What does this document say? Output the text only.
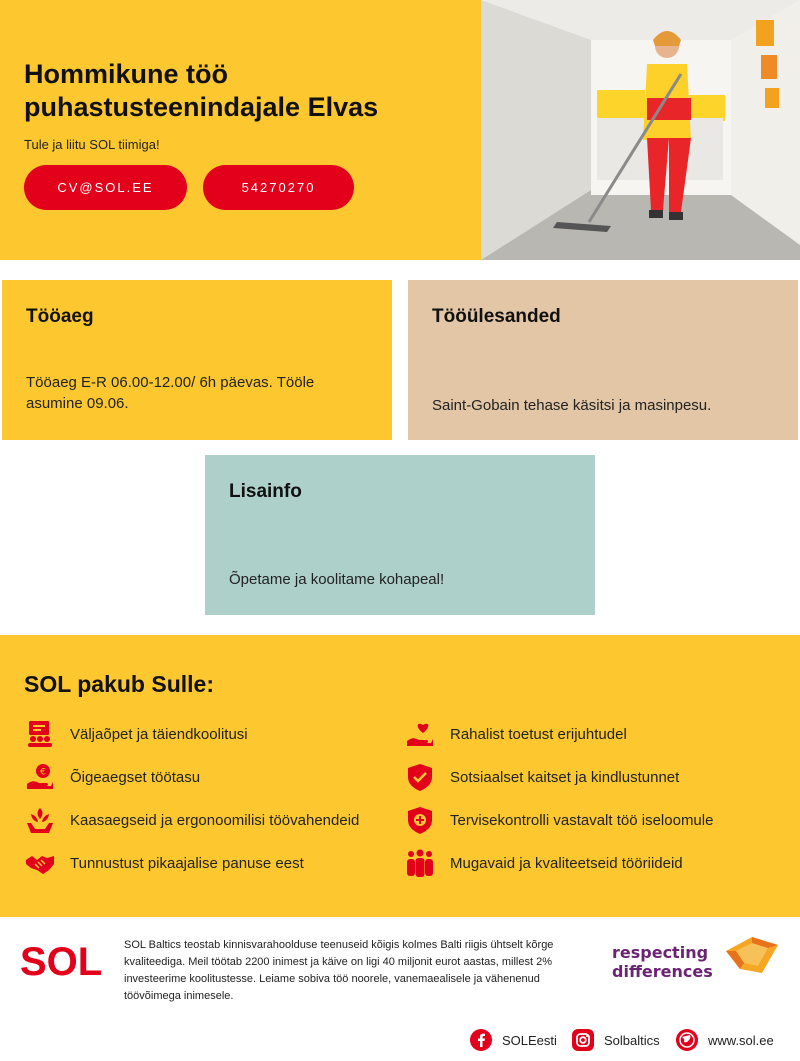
Hommikune töö
puhastusteenindajale Elvas
Tule ja liitu SOL tiimiga!
CV@SOL.EE	54270270
Tööaeg
Tööaeg E-R 06.00-12.00/ 6h päevas. Tööle asumine 09.06.
Tööülesanded
Saint-Gobain tehase käsitsi ja masinpesu.
Lisainfo
Õpetame ja koolitame kohapeal!
SOL pakub Sulle:
Väljaõpet ja täiendkoolitusi
€ Õigeaegset töötasu
Kaasaegseid ja ergonoomilisi töövahendeid
Tunnustust pikaajalise panuse eest
Rahalist toetust erijuhtudel
Sotsiaalset kaitset ja kindlustunnet
Tervisekontrolli vastavalt töö iseloomule
Mugavaid ja kvaliteetseid tööriideid
SOL SOL Baltics teostab kinnisvarahoolduse teenuseid kõigis kolmes Balti riigis ühtselt kõrge kvaliteediga. Meil töötab 2200 inimest ja käive on ligi 40 miljonit eurot aastas, millest 2% investeerime koolitustesse. Leiame sobiva töö noorele, vanemaealisele ja vähenenud töövõimega inimesele.
respecting
differences
SOLEesti	Solbaltics	www.sol.ee
